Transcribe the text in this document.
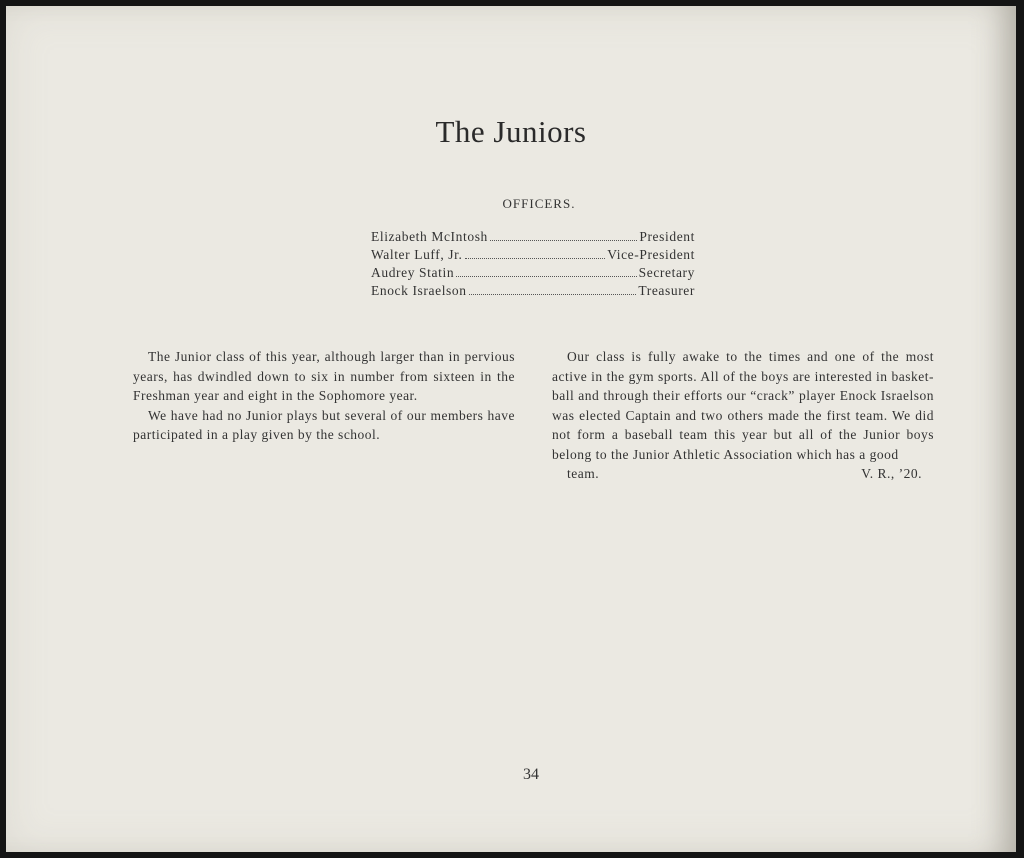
The Juniors
OFFICERS.
Elizabeth McIntosh	President
Walter Luff, Jr.	Vice-President
Audrey Statin	Secretary
Enock Israelson	Treasurer

The Junior class of this year, although larger than in pervious years, has dwindled down to six in number from sixteen in the Freshman year and eight in the Sophomore year.

We have had no Junior plays but several of our members have participated in a play given by the school.

Our class is fully awake to the times and one of the most active in the gym sports. All of the boys are interested in basket-ball and through their efforts our “crack” player Enock Israelson was elected Captain and two others made the first team. We did not form a baseball team this year but all of the Junior boys belong to the Junior Athletic Association which has a good

team.	V. R., ’20.

34
